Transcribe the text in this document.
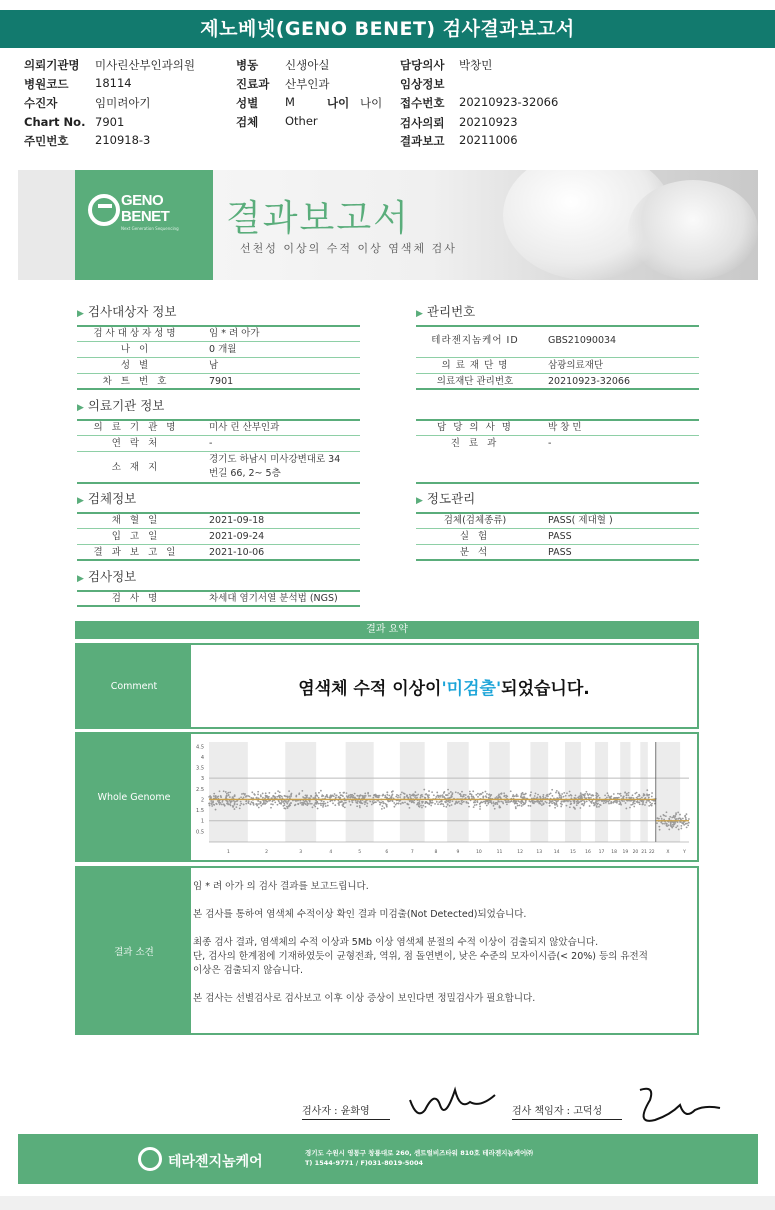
제노베넷(GENO BENET) 검사결과보고서
의뢰기관명 미사린산부인과의원
병원코드 18114
수진자	임미려아기
Chart No. 7901
주민번호 210918-3
병동 신생아실
진료과 산부인과
성별 M	나이 나이
검체 Other
담당의사 박창민
임상정보
접수번호 20210923-32066
검사의뢰 20210923
결과보고 20211006
GENO
BENET
Next Generation Sequencing 결과보고서
선천성 이상의 수적 이상 염색체 검사
▶ 검사대상자 정보
검사대상자성명	임 * 려 아가
나 이	0 개월
성 별	남
차 트 번 호	7901
▶ 관리번호
테라젠지놈케어 ID	GBS21090034
의 료 재 단 명	삼광의료재단
의료재단 관리번호	20210923-32066
▶ 의료기관 정보
의 료 기 관 명	미사 린 산부인과
연 락 처	-
소 재 지
경기도 하남시 미사강변대로 34
번길 66, 2~ 5층
담 당 의 사 명	박 창 민
진 료 과	-
▶ 검체정보
채 혈 일	2021-09-18
입 고 일	2021-09-24
결 과 보 고 일	2021-10-06
▶ 정도관리
검체(검체종류)	PASS( 제대혈 )
실 험	PASS
분 석	PASS
▶ 검사정보
검 사 명	차세대 염기서열 분석법 (NGS)
결과 요약
Comment	염색체 수적 이상이 '미검출' 되었습니다.
Whole Genome
4.5
4
3.5
3
2.5
2
1.5
1
0.5
1	2	3	4	5	6	7	8	9	10	11	12	13	14 15 16 17 18 19 20 21 22	X	Y
결과 소견

임 * 려 아가 의 검사 결과를 보고드립니다.

본 검사를 통하여 염색체 수적이상 확인 결과 미검출(Not Detected)되었습니다.

최종 검사 결과, 염색체의 수적 이상과 5Mb 이상 염색체 분절의 수적 이상이 검출되지 않았습니다.

단, 검사의 한계점에 기재하였듯이 균형전좌, 역위, 점 돌연변이, 낮은 수준의 모자이시즘(< 20%) 등의 유전적

이상은 검출되지 않습니다.

본 검사는 선별검사로 검사보고 이후 이상 증상이 보인다면 정밀검사가 필요합니다.

검사자 : 윤화영	검사 책임자 : 고덕성
테라젠지놈케어
경기도 수원시 영통구 창룡대로 260, 센트럴비즈타워 810호 테라젠지놈케어㈜
T) 1544-9771 / F)031-8019-5004
